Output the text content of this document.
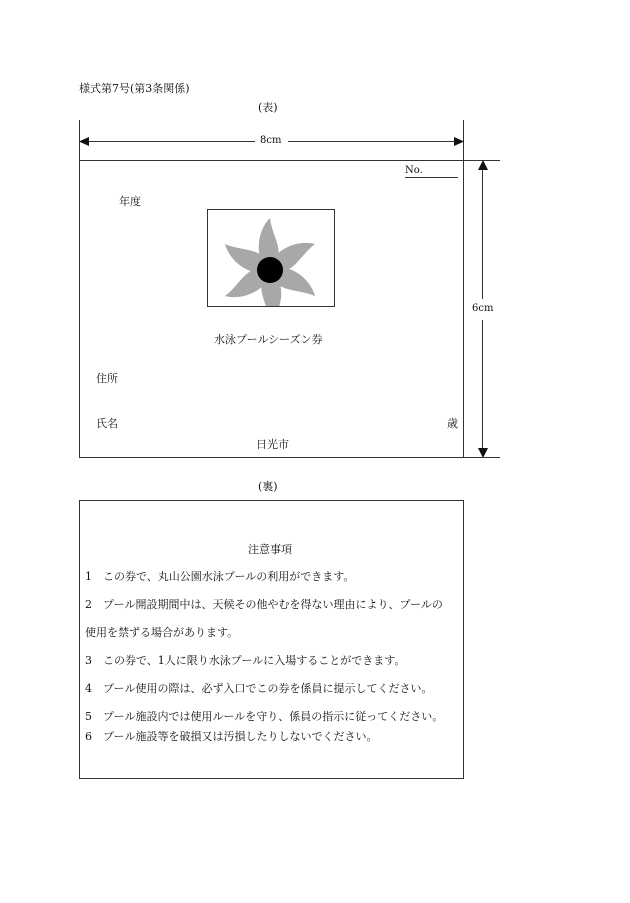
様式第7号(第3条関係)
(表)
8cm
6cm
No.
年度
水泳プールシーズン券
住所
氏名	歳
日光市
(裏)
注意事項
1　この券で、丸山公園水泳プールの利用ができます。
2　プール開設期間中は、天候その他やむを得ない理由により、プールの
使用を禁ずる場合があります。
3　この券で、1人に限り水泳プールに入場することができます。
4　プール使用の際は、必ず入口でこの券を係員に提示してください。
5　プール施設内では使用ルールを守り、係員の指示に従ってください。
6　プール施設等を破損又は汚損したりしないでください。
